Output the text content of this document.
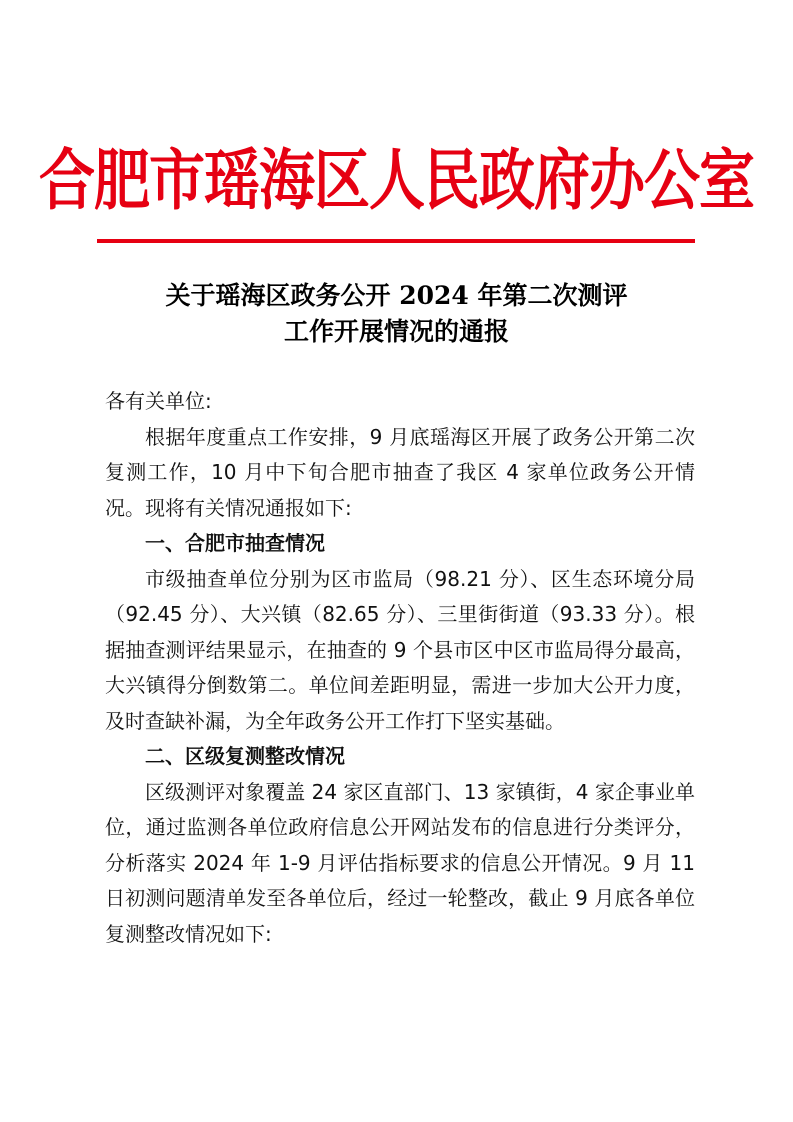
合肥市瑶海区人民政府办公室
关于瑶海区政务公开 2024 年第二次测评
工作开展情况的通报

各有关单位:

根据年度重点工作安排，9 月底瑶海区开展了政务公开第二次复测工作，10 月中下旬合肥市抽查了我区 4 家单位政务公开情况。现将有关情况通报如下:

一、合肥市抽查情况

市级抽查单位分别为区市监局（98.21 分）、区生态环境分局（92.45 分）、大兴镇（82.65 分）、三里街街道（93.33 分）。根据抽查测评结果显示，在抽查的 9 个县市区中区市监局得分最高，大兴镇得分倒数第二。单位间差距明显，需进一步加大公开力度，及时查缺补漏，为全年政务公开工作打下坚实基础。

二、区级复测整改情况

区级测评对象覆盖 24 家区直部门、13 家镇街，4 家企事业单位，通过监测各单位政府信息公开网站发布的信息进行分类评分，分析落实 2024 年 1-9 月评估指标要求的信息公开情况。9 月 11 日初测问题清单发至各单位后，经过一轮整改，截止 9 月底各单位复测整改情况如下:
